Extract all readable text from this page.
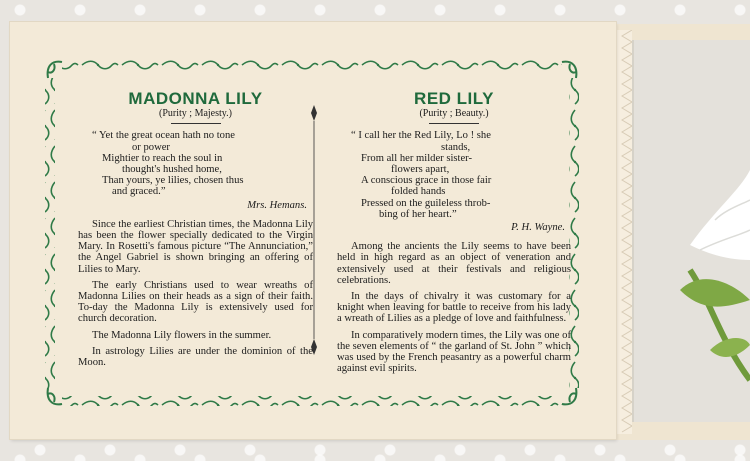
MADONNA LILY
(Purity ; Majesty.)
“ Yet the great ocean hath no tone
or power
Mightier to reach the soul in
thought's hushed home,
Than yours, ye lilies, chosen thus
and graced.”
Mrs. Hemans.

Since the earliest Christian times, the Madonna Lily has been the flower specially dedicated to the Virgin Mary. In Rosetti's famous picture “The Annunciation,” the Angel Gabriel is shown bringing an offering of Lilies to Mary.

The early Christians used to wear wreaths of Madonna Lilies on their heads as a sign of their faith. To-day the Madonna Lily is extensively used for church decoration.

The Madonna Lily flowers in the summer.

In astrology Lilies are under the dominion of the Moon.

RED LILY
(Purity ; Beauty.)
“ I call her the Red Lily, Lo ! she
stands,
From all her milder sister-
flowers apart,
A conscious grace in those fair
folded hands
Pressed on the guileless throb-
bing of her heart.”
P. H. Wayne.

Among the ancients the Lily seems to have been held in high regard as an object of veneration and extensively used at their festivals and religious celebrations.

In the days of chivalry it was customary for a knight when leaving for battle to receive from his lady a wreath of Lilies as a pledge of love and faithfulness.

In comparatively modern times, the Lily was one of the seven elements of “ the garland of St. John ” which was used by the French peasantry as a powerful charm against evil spirits.
